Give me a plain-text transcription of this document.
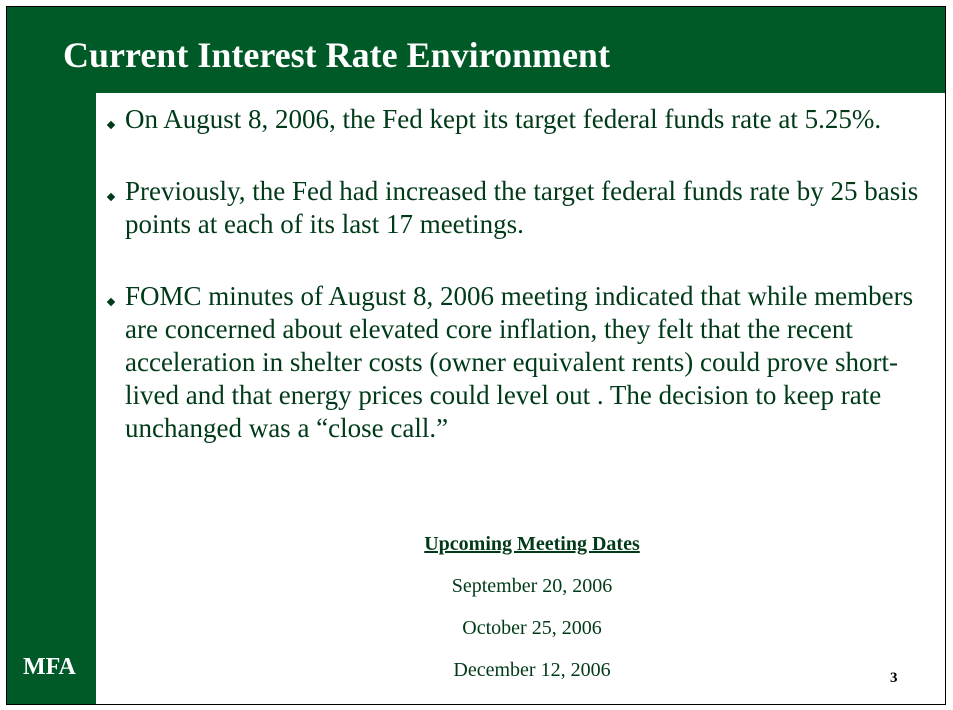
Current Interest Rate Environment
On August 8, 2006, the Fed kept its target federal funds rate at 5.25%.
Previously, the Fed had increased the target federal funds rate by 25 basis points at each of its last 17 meetings.
FOMC minutes of August 8, 2006 meeting indicated that while members are concerned about elevated core inflation, they felt that the recent acceleration in shelter costs (owner equivalent rents) could prove short-lived and that energy prices could level out . The decision to keep rate unchanged was a “close call.”
Upcoming Meeting Dates
September 20, 2006
October 25, 2006
December 12, 2006
MFA	3
